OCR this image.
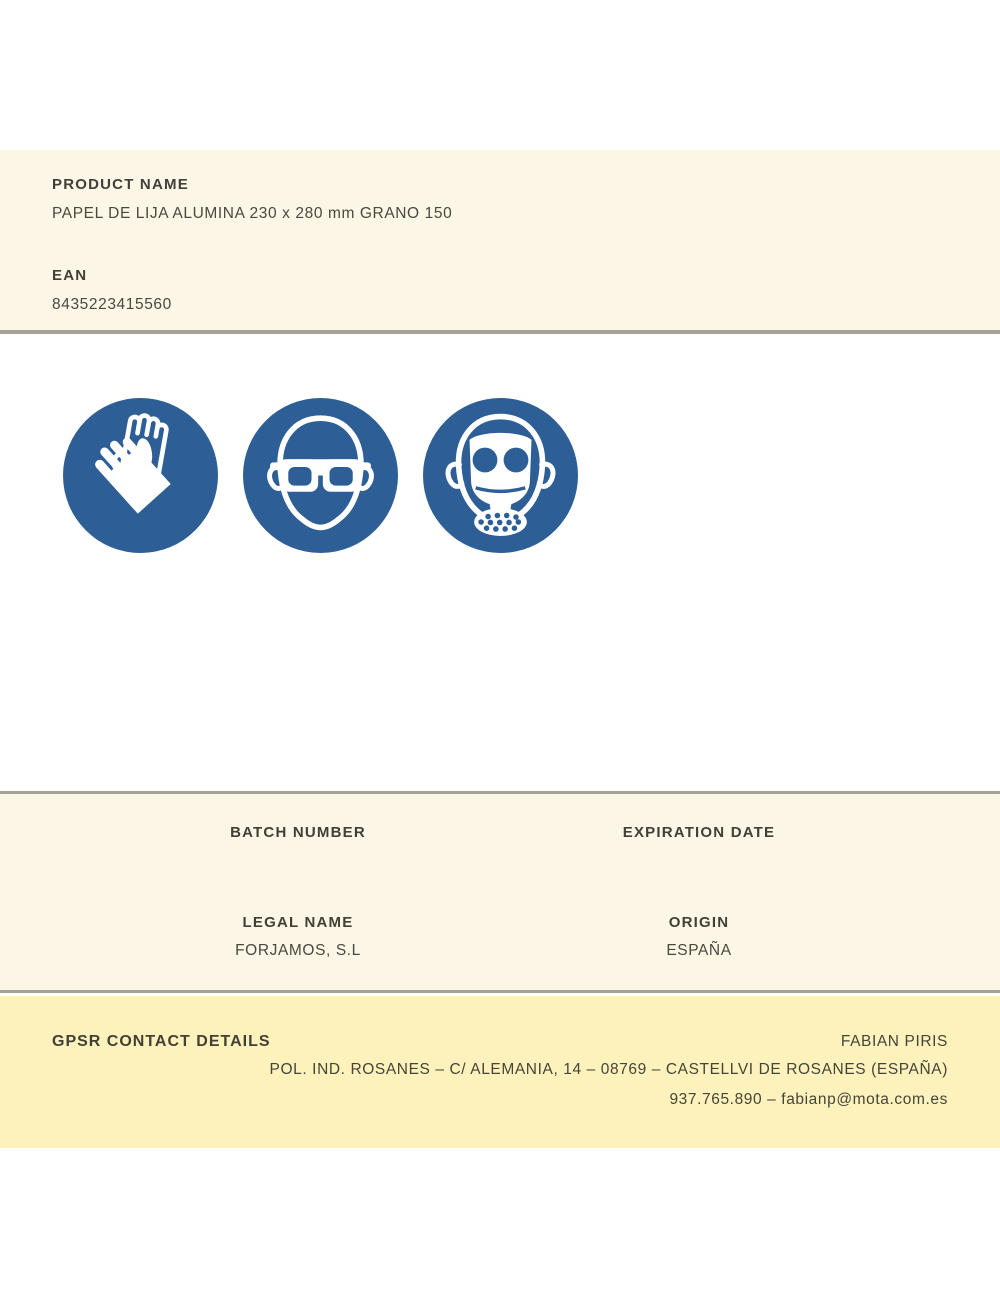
PRODUCT NAME
PAPEL DE LIJA ALUMINA 230 x 280 mm GRANO 150
EAN
8435223415560
BATCH NUMBER
LEGAL NAME
FORJAMOS, S.L
EXPIRATION DATE
ORIGIN
ESPAÑA
GPSR CONTACT DETAILS	FABIAN PIRIS
POL. IND. ROSANES – C/ ALEMANIA, 14 – 08769 – CASTELLVI DE ROSANES (ESPAÑA)
937.765.890 – fabianp@mota.com.es
